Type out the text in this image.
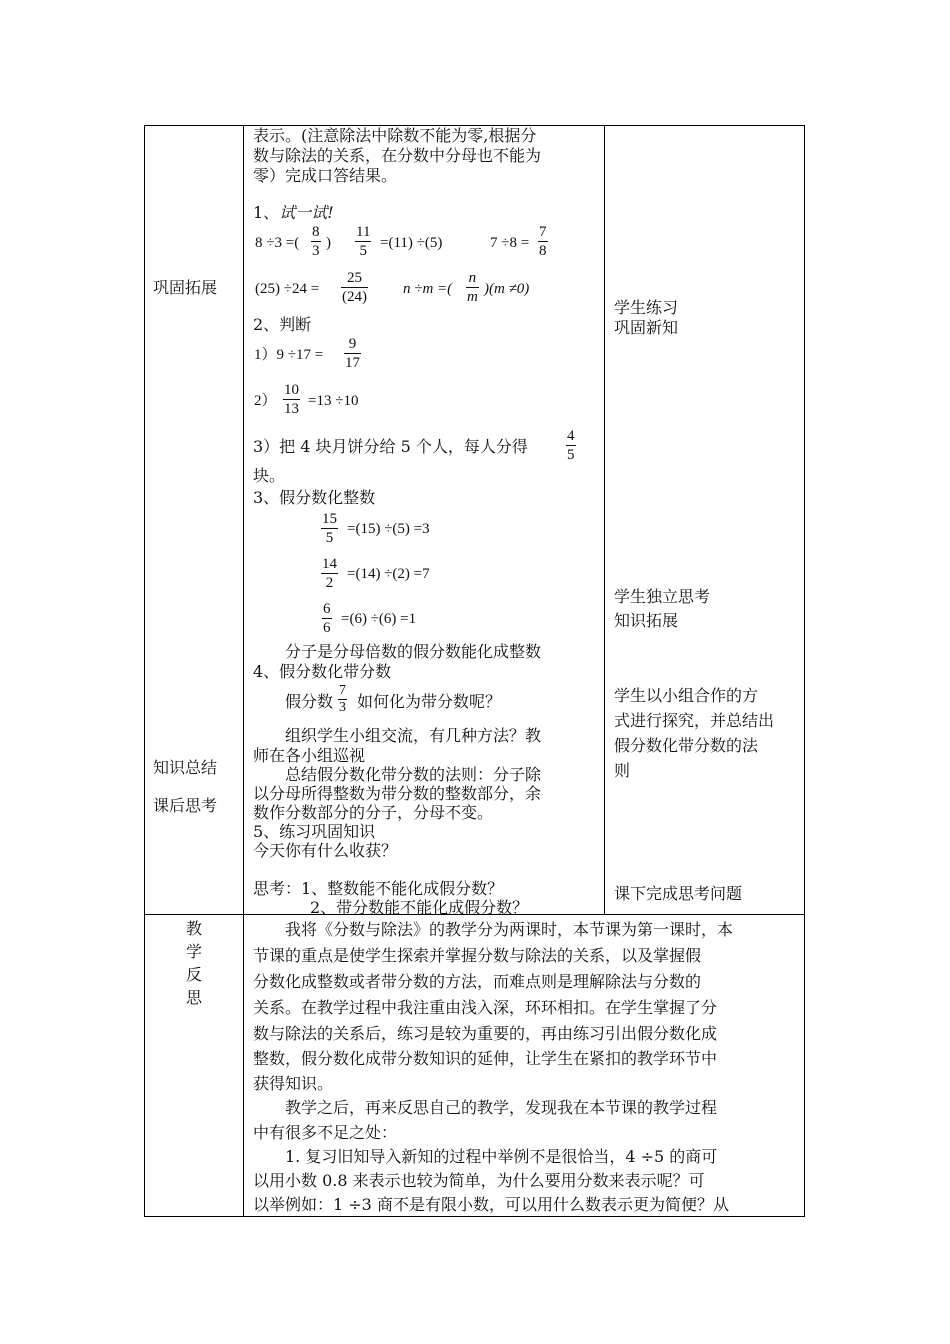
巩固拓展
知识总结
课后思考
教
学
反
思
表示。(注意除法中除数不能为零,根据分
数与除法的关系，在分数中分母也不能为
零）完成口答结果。
1、试一试!
8 ÷3 =( $\frac{8}{3}$ ) $\frac{11}{5} =(11) \div(5)$	$7 \div 8 = \frac{7}{8}$
$(25) \div 24 = \frac{25}{(24)}$ n ÷m =( $\frac{n}{m} )(m \ne 0)$
2、判断
$1)9 \div 17 = \frac{9}{17}$
$2) \frac{10}{13} =13 \div 10$
3）把 4 块月饼分给 5 个人，每人分得	$\frac{4}{5}$
块。
3、假分数化整数
$\frac{15}{5} =(15) \div(5) =3$
$\frac{14}{2} =(14) \div(2) =7$
$\frac{6}{6} =(6) \div(6) =1$
分子是分母倍数的假分数能化成整数
4、假分数化带分数
假分数 $\frac{7}{3}$ 如何化为带分数呢？
组织学生小组交流，有几种方法？教
师在各小组巡视
总结假分数化带分数的法则：分子除
以分母所得整数为带分数的整数部分，余
数作分数部分的分子，分母不变。
5、练习巩固知识
今天你有什么收获？
思考：1、整数能不能化成假分数？
2、带分数能不能化成假分数？
学生练习
巩固新知
学生独立思考
知识拓展
学生以小组合作的方
式进行探究，并总结出
假分数化带分数的法
则
课下完成思考问题
我将《分数与除法》的教学分为两课时，本节课为第一课时，本
节课的重点是使学生探索并掌握分数与除法的关系，以及掌握假
分数化成整数或者带分数的方法，而难点则是理解除法与分数的
关系。在教学过程中我注重由浅入深，环环相扣。在学生掌握了分
数与除法的关系后，练习是较为重要的，再由练习引出假分数化成
整数，假分数化成带分数知识的延伸，让学生在紧扣的教学环节中
获得知识。
教学之后，再来反思自己的教学，发现我在本节课的教学过程
中有很多不足之处：
1. 复习旧知导入新知的过程中举例不是很恰当，4 ÷5 的商可
以用小数 0.8 来表示也较为简单，为什么要用分数来表示呢？可
以举例如：1 ÷3 商不是有限小数，可以用什么数表示更为简便？从
